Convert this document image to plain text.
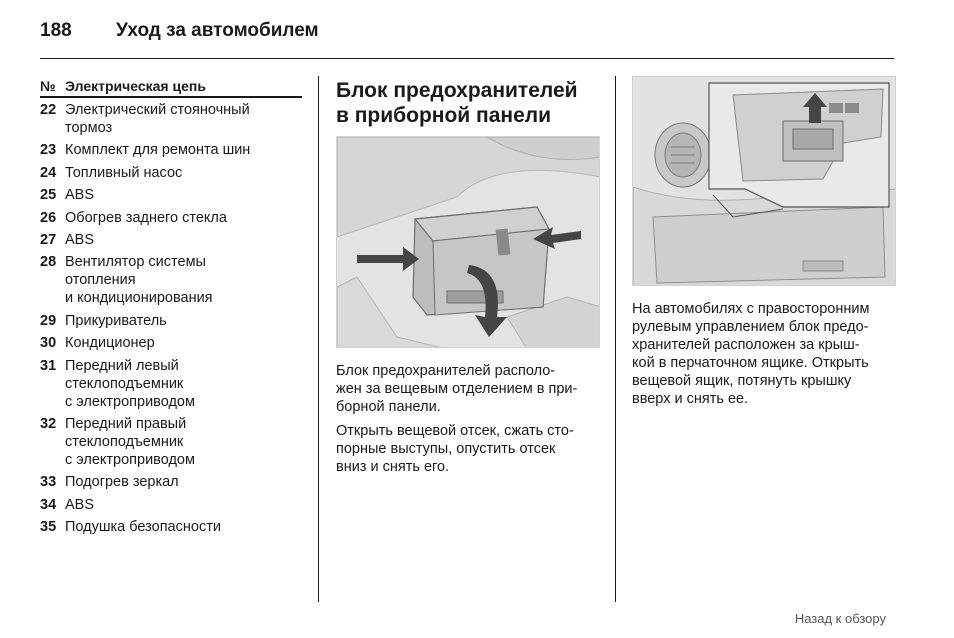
188	Уход за автомобилем
№ Электрическая цепь
22 Электрический стояночный
тормоз
23 Комплект для ремонта шин
24 Топливный насос
25 ABS
26 Обогрев заднего стекла
27 ABS
28 Вентилятор системы
отопления
и кондиционирования
29 Прикуриватель
30 Кондиционер
31 Передний левый
стеклоподъемник
с электроприводом
32 Передний правый
стеклоподъемник
с электроприводом
33 Подогрев зеркал
34 ABS
35 Подушка безопасности
Блок предохранителей
в приборной панели
Блок предохранителей располо-
жен за вещевым отделением в при-
борной панели.
Открыть вещевой отсек, сжать сто-
порные выступы, опустить отсек
вниз и снять его.
На автомобилях с правосторонним
рулевым управлением блок предо-
хранителей расположен за крыш-
кой в перчаточном ящике. Открыть
вещевой ящик, потянуть крышку
вверх и снять ее.
Назад к обзору
